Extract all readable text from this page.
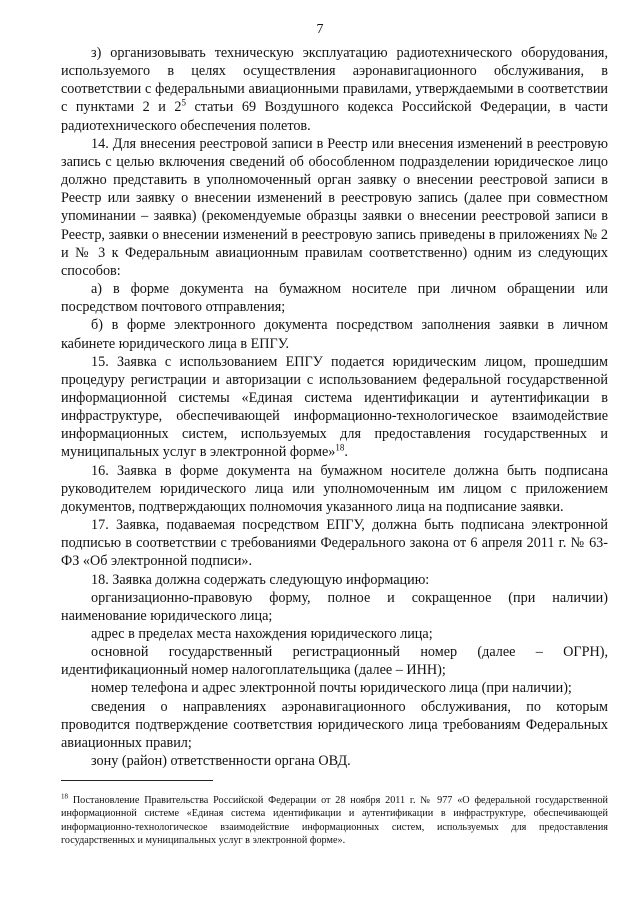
7

з) организовывать техническую эксплуатацию радиотехнического оборудования, используемого в целях осуществления аэронавигационного обслуживания, в соответствии с федеральными авиационными правилами, утверждаемыми в соответствии с пунктами 2 и $2^5$ статьи 69 Воздушного кодекса Российской Федерации, в части радиотехнического обеспечения полетов.

14. Для внесения реестровой записи в Реестр или внесения изменений в реестровую запись с целью включения сведений об обособленном подразделении юридическое лицо должно представить в уполномоченный орган заявку о внесении реестровой записи в Реестр или заявку о внесении изменений в реестровую запись (далее при совместном упоминании – заявка) (рекомендуемые образцы заявки о внесении реестровой записи в Реестр, заявки о внесении изменений в реестровую запись приведены в приложениях № 2 и № 3 к Федеральным авиационным правилам соответственно) одним из следующих способов:

а) в форме документа на бумажном носителе при личном обращении или посредством почтового отправления;

б) в форме электронного документа посредством заполнения заявки в личном кабинете юридического лица в ЕПГУ.

15. Заявка с использованием ЕПГУ подается юридическим лицом, прошедшим процедуру регистрации и авторизации с использованием федеральной государственной информационной системы «Единая система идентификации и аутентификации в инфраструктуре, обеспечивающей информационно-технологическое взаимодействие информационных систем, используемых для предоставления государственных и муниципальных услуг в электронной форме»$^{18}$.

16. Заявка в форме документа на бумажном носителе должна быть подписана руководителем юридического лица или уполномоченным им лицом с приложением документов, подтверждающих полномочия указанного лица на подписание заявки.

17. Заявка, подаваемая посредством ЕПГУ, должна быть подписана электронной подписью в соответствии с требованиями Федерального закона от 6 апреля 2011 г. № 63-ФЗ «Об электронной подписи».

18. Заявка должна содержать следующую информацию:

организационно-правовую форму, полное и сокращенное (при наличии) наименование юридического лица;

адрес в пределах места нахождения юридического лица;

основной государственный регистрационный номер (далее – ОГРН), идентификационный номер налогоплательщика (далее – ИНН);

номер телефона и адрес электронной почты юридического лица (при наличии);

сведения о направлениях аэронавигационного обслуживания, по которым проводится подтверждение соответствия юридического лица требованиям Федеральных авиационных правил;

зону (район) ответственности органа ОВД.

$^{18}$ Постановление Правительства Российской Федерации от 28 ноября 2011 г. № 977 «О федеральной государственной информационной системе «Единая система идентификации и аутентификации в инфраструктуре, обеспечивающей информационно-технологическое взаимодействие информационных систем, используемых для предоставления государственных и муниципальных услуг в электронной форме».
